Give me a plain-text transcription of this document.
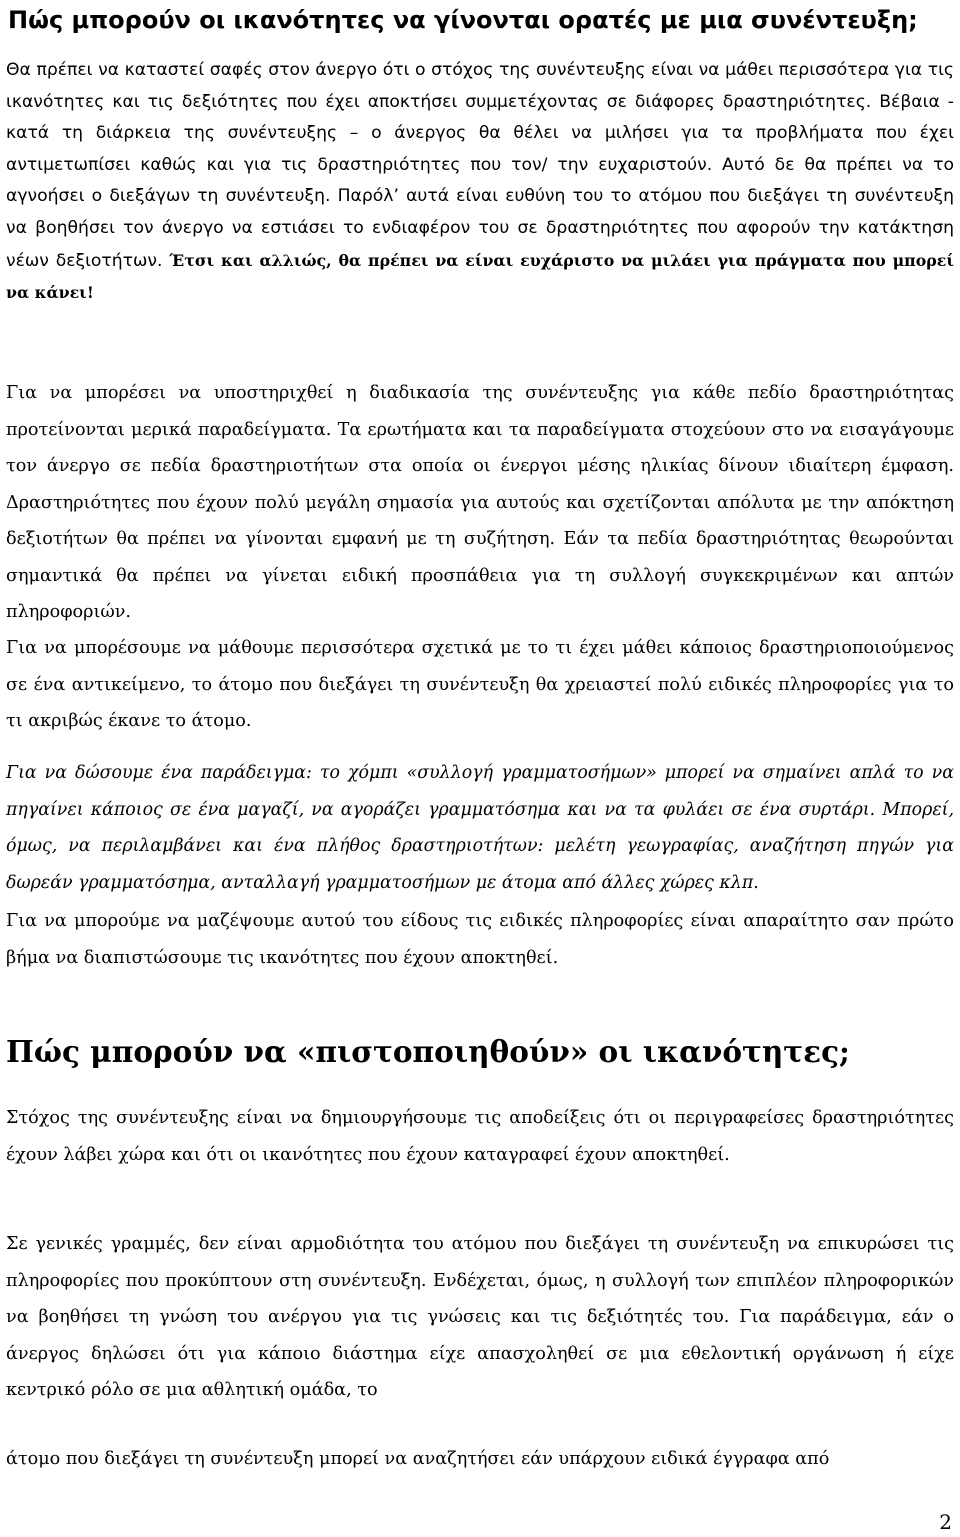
Πώς μπορούν οι ικανότητες να γίνονται ορατές με μια συνέντευξη;

Θα πρέπει να καταστεί σαφές στον άνεργο ότι ο στόχος της συνέντευξης είναι να μάθει περισσότερα για τις ικανότητες και τις δεξιότητες που έχει αποκτήσει συμμετέχοντας σε διάφορες δραστηριότητες. Βέβαια - κατά τη διάρκεια της συνέντευξης – ο άνεργος θα θέλει να μιλήσει για τα προβλήματα που έχει αντιμετωπίσει καθώς και για τις δραστηριότητες που τον/ την ευχαριστούν. Αυτό δε θα πρέπει να το αγνοήσει ο διεξάγων τη συνέντευξη. Παρόλ’ αυτά είναι ευθύνη του το ατόμου που διεξάγει τη συνέντευξη να βοηθήσει τον άνεργο να εστιάσει το ενδιαφέρον του σε δραστηριότητες που αφορούν την κατάκτηση νέων δεξιοτήτων. Έτσι και αλλιώς, θα πρέπει να είναι ευχάριστο να μιλάει για πράγματα που μπορεί να κάνει!

Για να μπορέσει να υποστηριχθεί η διαδικασία της συνέντευξης για κάθε πεδίο δραστηριότητας προτείνονται μερικά παραδείγματα. Τα ερωτήματα και τα παραδείγματα στοχεύουν στο να εισαγάγουμε τον άνεργο σε πεδία δραστηριοτήτων στα οποία οι ένεργοι μέσης ηλικίας δίνουν ιδιαίτερη έμφαση. Δραστηριότητες που έχουν πολύ μεγάλη σημασία για αυτούς και σχετίζονται απόλυτα με την απόκτηση δεξιοτήτων θα πρέπει να γίνονται εμφανή με τη συζήτηση. Εάν τα πεδία δραστηριότητας θεωρούνται σημαντικά θα πρέπει να γίνεται ειδική προσπάθεια για τη συλλογή συγκεκριμένων και απτών πληροφοριών.

Για να μπορέσουμε να μάθουμε περισσότερα σχετικά με το τι έχει μάθει κάποιος δραστηριοποιούμενος σε ένα αντικείμενο, το άτομο που διεξάγει τη συνέντευξη θα χρειαστεί πολύ ειδικές πληροφορίες για το τι ακριβώς έκανε το άτομο.

Για να δώσουμε ένα παράδειγμα: το χόμπι «συλλογή γραμματοσήμων» μπορεί να σημαίνει απλά το να πηγαίνει κάποιος σε ένα μαγαζί, να αγοράζει γραμματόσημα και να τα φυλάει σε ένα συρτάρι. Μπορεί, όμως, να περιλαμβάνει και ένα πλήθος δραστηριοτήτων: μελέτη γεωγραφίας, αναζήτηση πηγών για δωρεάν γραμματόσημα, ανταλλαγή γραμματοσήμων με άτομα από άλλες χώρες κλπ.

Για να μπορούμε να μαζέψουμε αυτού του είδους τις ειδικές πληροφορίες είναι απαραίτητο σαν πρώτο βήμα να διαπιστώσουμε τις ικανότητες που έχουν αποκτηθεί.

Πώς μπορούν να «πιστοποιηθούν» οι ικανότητες;

Στόχος της συνέντευξης είναι να δημιουργήσουμε τις αποδείξεις ότι οι περιγραφείσες δραστηριότητες έχουν λάβει χώρα και ότι οι ικανότητες που έχουν καταγραφεί έχουν αποκτηθεί.

Σε γενικές γραμμές, δεν είναι αρμοδιότητα του ατόμου που διεξάγει τη συνέντευξη να επικυρώσει τις πληροφορίες που προκύπτουν στη συνέντευξη. Ενδέχεται, όμως, η συλλογή των επιπλέον πληροφορικών να βοηθήσει τη γνώση του ανέργου για τις γνώσεις και τις δεξιότητές του. Για παράδειγμα, εάν ο άνεργος δηλώσει ότι για κάποιο διάστημα είχε απασχοληθεί σε μια εθελοντική οργάνωση ή είχε κεντρικό ρόλο σε μια αθλητική ομάδα, το

άτομο που διεξάγει τη συνέντευξη μπορεί να αναζητήσει εάν υπάρχουν ειδικά έγγραφα από

2
